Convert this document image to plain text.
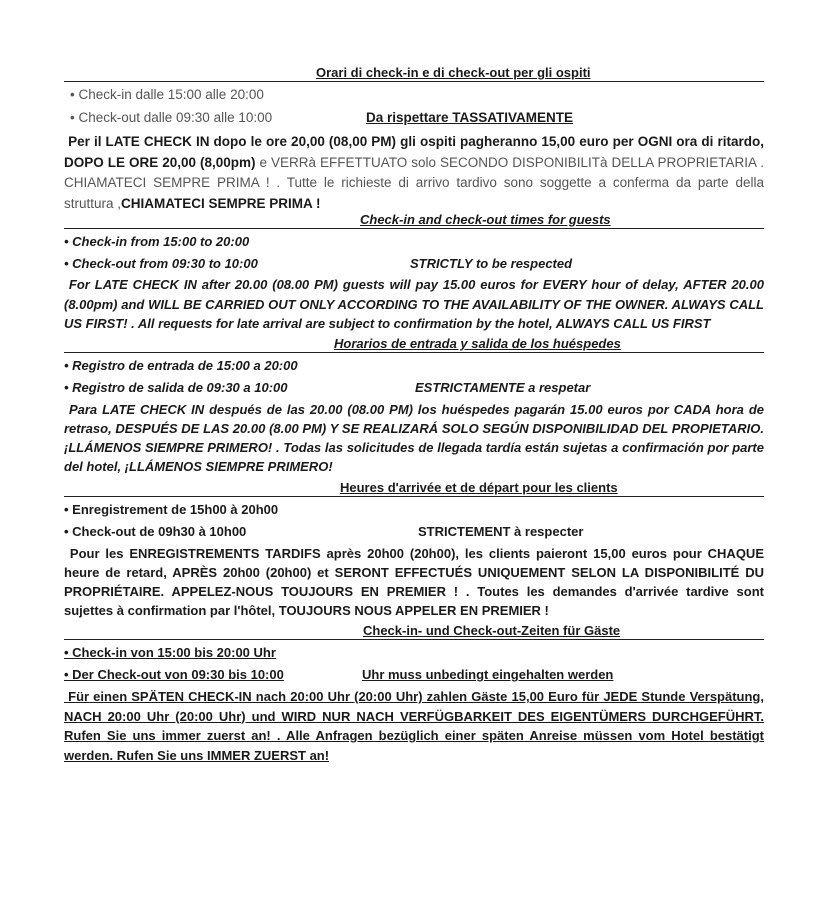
Orari di check-in e di check-out per gli ospiti
• Check-in dalle 15:00 alle 20:00
• Check-out dalle 09:30 alle 10:00	Da rispettare TASSATIVAMENTE
Per il LATE CHECK IN dopo le ore 20,00 (08,00 PM) gli ospiti pagheranno 15,00 euro per OGNI ora di ritardo, DOPO LE ORE 20,00 (8,00pm) e VERRà EFFETTUATO solo SECONDO DISPONIBILITà DELLA PROPRIETARIA . CHIAMATECI SEMPRE PRIMA ! . Tutte le richieste di arrivo tardivo sono soggette a conferma da parte della struttura ,CHIAMATECI SEMPRE PRIMA !
Check-in and check-out times for guests
• Check-in from 15:00 to 20:00
• Check-out from 09:30 to 10:00	STRICTLY to be respected
For LATE CHECK IN after 20.00 (08.00 PM) guests will pay 15.00 euros for EVERY hour of delay, AFTER 20.00 (8.00pm) and WILL BE CARRIED OUT ONLY ACCORDING TO THE AVAILABILITY OF THE OWNER. ALWAYS CALL US FIRST! . All requests for late arrival are subject to confirmation by the hotel, ALWAYS CALL US FIRST
Horarios de entrada y salida de los huéspedes
• Registro de entrada de 15:00 a 20:00
• Registro de salida de 09:30 a 10:00	ESTRICTAMENTE a respetar
Para LATE CHECK IN después de las 20.00 (08.00 PM) los huéspedes pagarán 15.00 euros por CADA hora de retraso, DESPUÉS DE LAS 20.00 (8.00 PM) Y SE REALIZARÁ SOLO SEGÚN DISPONIBILIDAD DEL PROPIETARIO. ¡LLÁMENOS SIEMPRE PRIMERO! . Todas las solicitudes de llegada tardía están sujetas a confirmación por parte del hotel, ¡LLÁMENOS SIEMPRE PRIMERO!
Heures d'arrivée et de départ pour les clients
• Enregistrement de 15h00 à 20h00
• Check-out de 09h30 à 10h00	STRICTEMENT à respecter
Pour les ENREGISTREMENTS TARDIFS après 20h00 (20h00), les clients paieront 15,00 euros pour CHAQUE heure de retard, APRÈS 20h00 (20h00) et SERONT EFFECTUÉS UNIQUEMENT SELON LA DISPONIBILITÉ DU PROPRIÉTAIRE. APPELEZ-NOUS TOUJOURS EN PREMIER ! . Toutes les demandes d'arrivée tardive sont sujettes à confirmation par l'hôtel, TOUJOURS NOUS APPELER EN PREMIER !
Check-in- und Check-out-Zeiten für Gäste
• Check-in von 15:00 bis 20:00 Uhr
• Der Check-out von 09:30 bis 10:00	Uhr muss unbedingt eingehalten werden
Für einen SPÄTEN CHECK-IN nach 20:00 Uhr (20:00 Uhr) zahlen Gäste 15,00 Euro für JEDE Stunde Verspätung, NACH 20:00 Uhr (20:00 Uhr) und WIRD NUR NACH VERFÜGBARKEIT DES EIGENTÜMERS DURCHGEFÜHRT. Rufen Sie uns immer zuerst an! . Alle Anfragen bezüglich einer späten Anreise müssen vom Hotel bestätigt werden. Rufen Sie uns IMMER ZUERST an!
